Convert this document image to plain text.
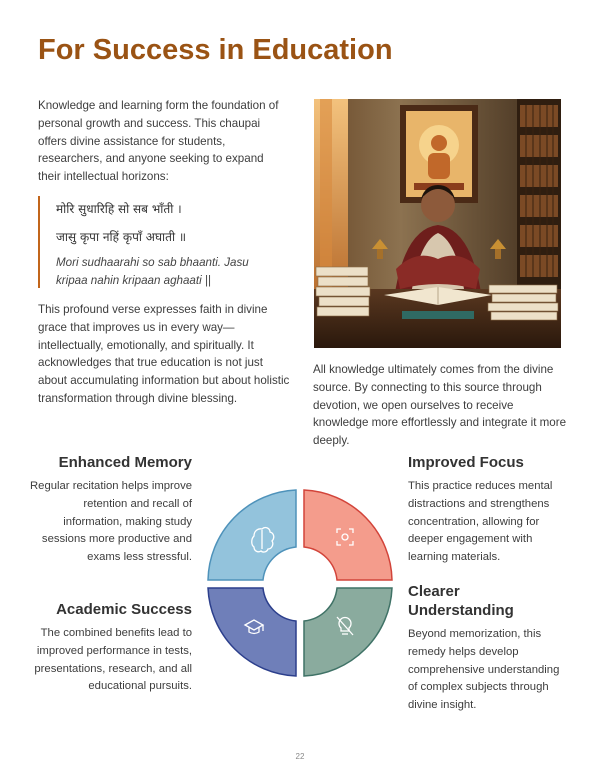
For Success in Education

Knowledge and learning form the foundation of personal growth and success. This chaupai offers divine assistance for students, researchers, and anyone seeking to expand their intellectual horizons:

मोरि सुधारिहि सो सब भाँती ।

जासु कृपा नहिं कृपाँ अघाती ॥

Mori sudhaarahi so sab bhaanti. Jasu kripaa nahin kripaan aghaati ||

This profound verse expresses faith in divine grace that improves us in every way—intellectually, emotionally, and spiritually. It acknowledges that true education is not just about accumulating information but about holistic transformation through divine blessing.

All knowledge ultimately comes from the divine source. By connecting to this source through devotion, we open ourselves to receive knowledge more effortlessly and integrate it more deeply.

Enhanced Memory

Regular recitation helps improve retention and recall of information, making study sessions more productive and exams less stressful.

Improved Focus

This practice reduces mental distractions and strengthens concentration, allowing for deeper engagement with learning materials.

Academic Success

The combined benefits lead to improved performance in tests, presentations, research, and all educational pursuits.

Clearer Understanding

Beyond memorization, this remedy helps develop comprehensive understanding of complex subjects through divine insight.

22
